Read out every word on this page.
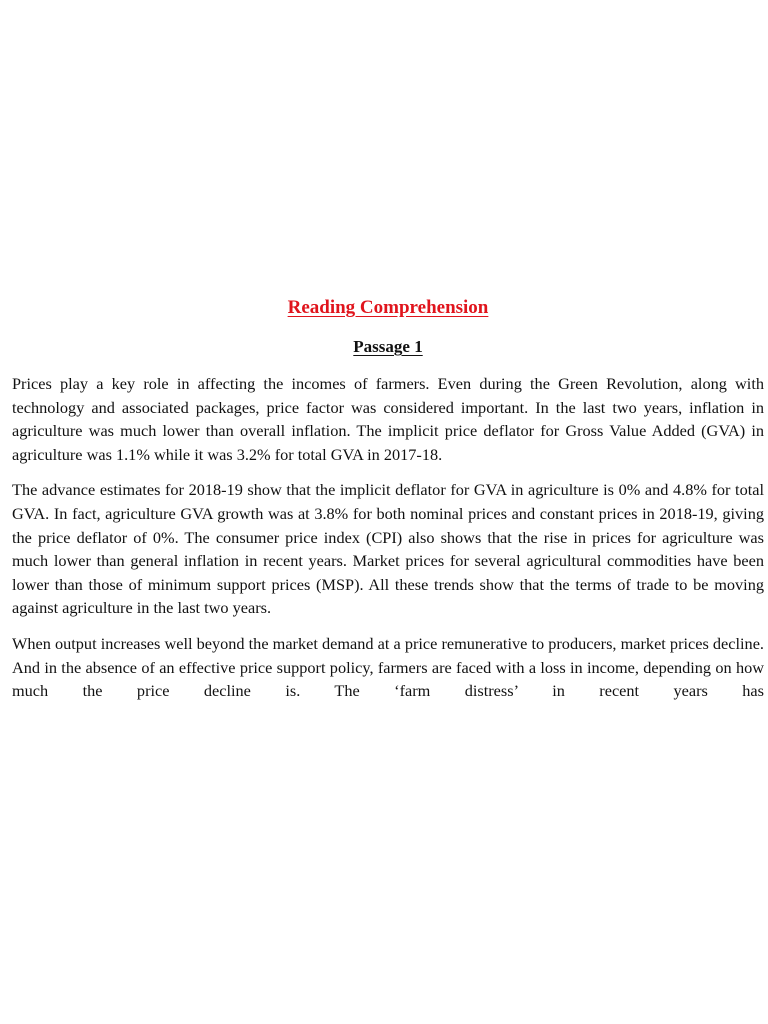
Reading Comprehension
Passage 1

Prices play a key role in affecting the incomes of farmers. Even during the Green Revolution, along with technology and associated packages, price factor was considered important. In the last two years, inflation in agriculture was much lower than overall inflation. The implicit price deflator for Gross Value Added (GVA) in agriculture was 1.1% while it was 3.2% for total GVA in 2017-18.

The advance estimates for 2018-19 show that the implicit deflator for GVA in agriculture is 0% and 4.8% for total GVA. In fact, agriculture GVA growth was at 3.8% for both nominal prices and constant prices in 2018-19, giving the price deflator of 0%. The consumer price index (CPI) also shows that the rise in prices for agriculture was much lower than general inflation in recent years. Market prices for several agricultural commodities have been lower than those of minimum support prices (MSP). All these trends show that the terms of trade to be moving against agriculture in the last two years.

When output increases well beyond the market demand at a price remunerative to producers, market prices decline. And in the absence of an effective price support policy, farmers are faced with a loss in income, depending on how much the price decline is. The ‘farm distress’ in recent years has
